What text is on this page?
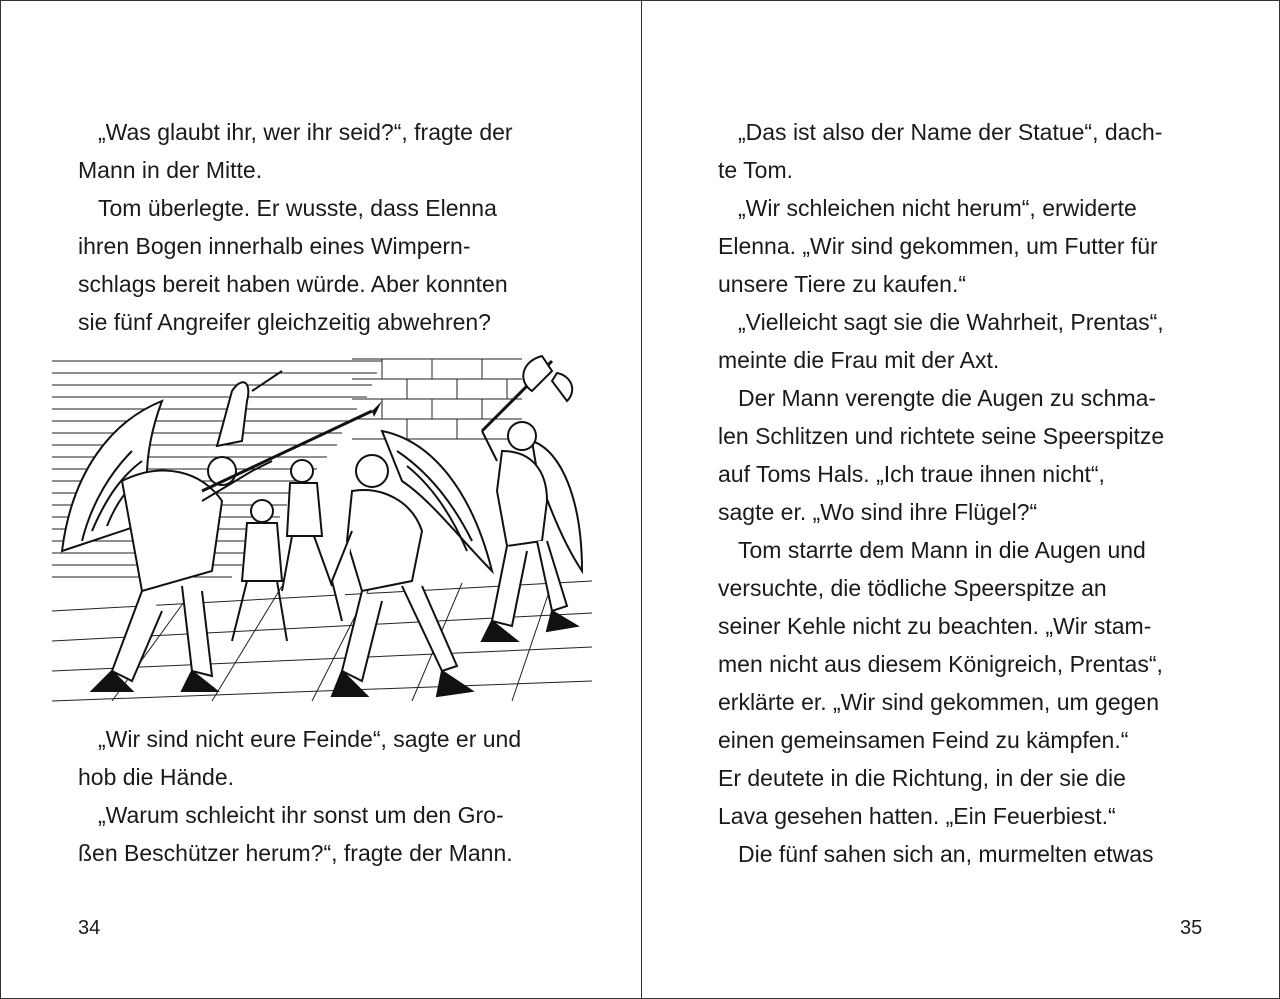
„Was glaubt ihr, wer ihr seid?“, fragte der
Mann in der Mitte.
Tom überlegte. Er wusste, dass Elenna
ihren Bogen innerhalb eines Wimpern-
schlags bereit haben würde. Aber konnten
sie fünf Angreifer gleichzeitig abwehren?
„Wir sind nicht eure Feinde“, sagte er und
hob die Hände.
„Warum schleicht ihr sonst um den Gro-
ßen Beschützer herum?“, fragte der Mann.
34
„Das ist also der Name der Statue“, dach-
te Tom.
„Wir schleichen nicht herum“, erwiderte
Elenna. „Wir sind gekommen, um Futter für
unsere Tiere zu kaufen.“
„Vielleicht sagt sie die Wahrheit, Prentas“,
meinte die Frau mit der Axt.
Der Mann verengte die Augen zu schma-
len Schlitzen und richtete seine Speerspitze
auf Toms Hals. „Ich traue ihnen nicht“,
sagte er. „Wo sind ihre Flügel?“
Tom starrte dem Mann in die Augen und
versuchte, die tödliche Speerspitze an
seiner Kehle nicht zu beachten. „Wir stam-
men nicht aus diesem Königreich, Prentas“,
erklärte er. „Wir sind gekommen, um gegen
einen gemeinsamen Feind zu kämpfen.“
Er deutete in die Richtung, in der sie die
Lava gesehen hatten. „Ein Feuerbiest.“
Die fünf sahen sich an, murmelten etwas
35
